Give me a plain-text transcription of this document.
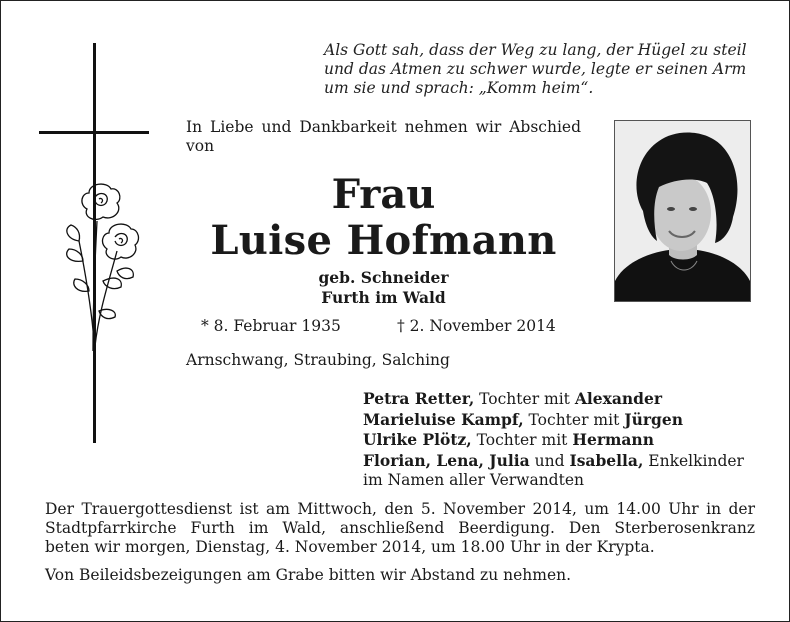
Als Gott sah, dass der Weg zu lang, der Hügel zu steil
und das Atmen zu schwer wurde, legte er seinen Arm
um sie und sprach: „Komm heim“.
In Liebe und Dankbarkeit nehmen wir Abschied von
Frau
Luise Hofmann
geb. Schneider
Furth im Wald
* 8. Februar 1935	† 2. November 2014
Arnschwang, Straubing, Salching
Petra Retter, Tochter mit Alexander
Marieluise Kampf, Tochter mit Jürgen
Ulrike Plötz, Tochter mit Hermann
Florian, Lena, Julia und Isabella, Enkelkinder
im Namen aller Verwandten
Der Trauergottesdienst ist am Mittwoch, den 5. November 2014, um 14.00 Uhr in der
Stadtpfarrkirche Furth im Wald, anschließend Beerdigung. Den Sterberosenkranz
beten wir morgen, Dienstag, 4. November 2014, um 18.00 Uhr in der Krypta.
Von Beileidsbezeigungen am Grabe bitten wir Abstand zu nehmen.
